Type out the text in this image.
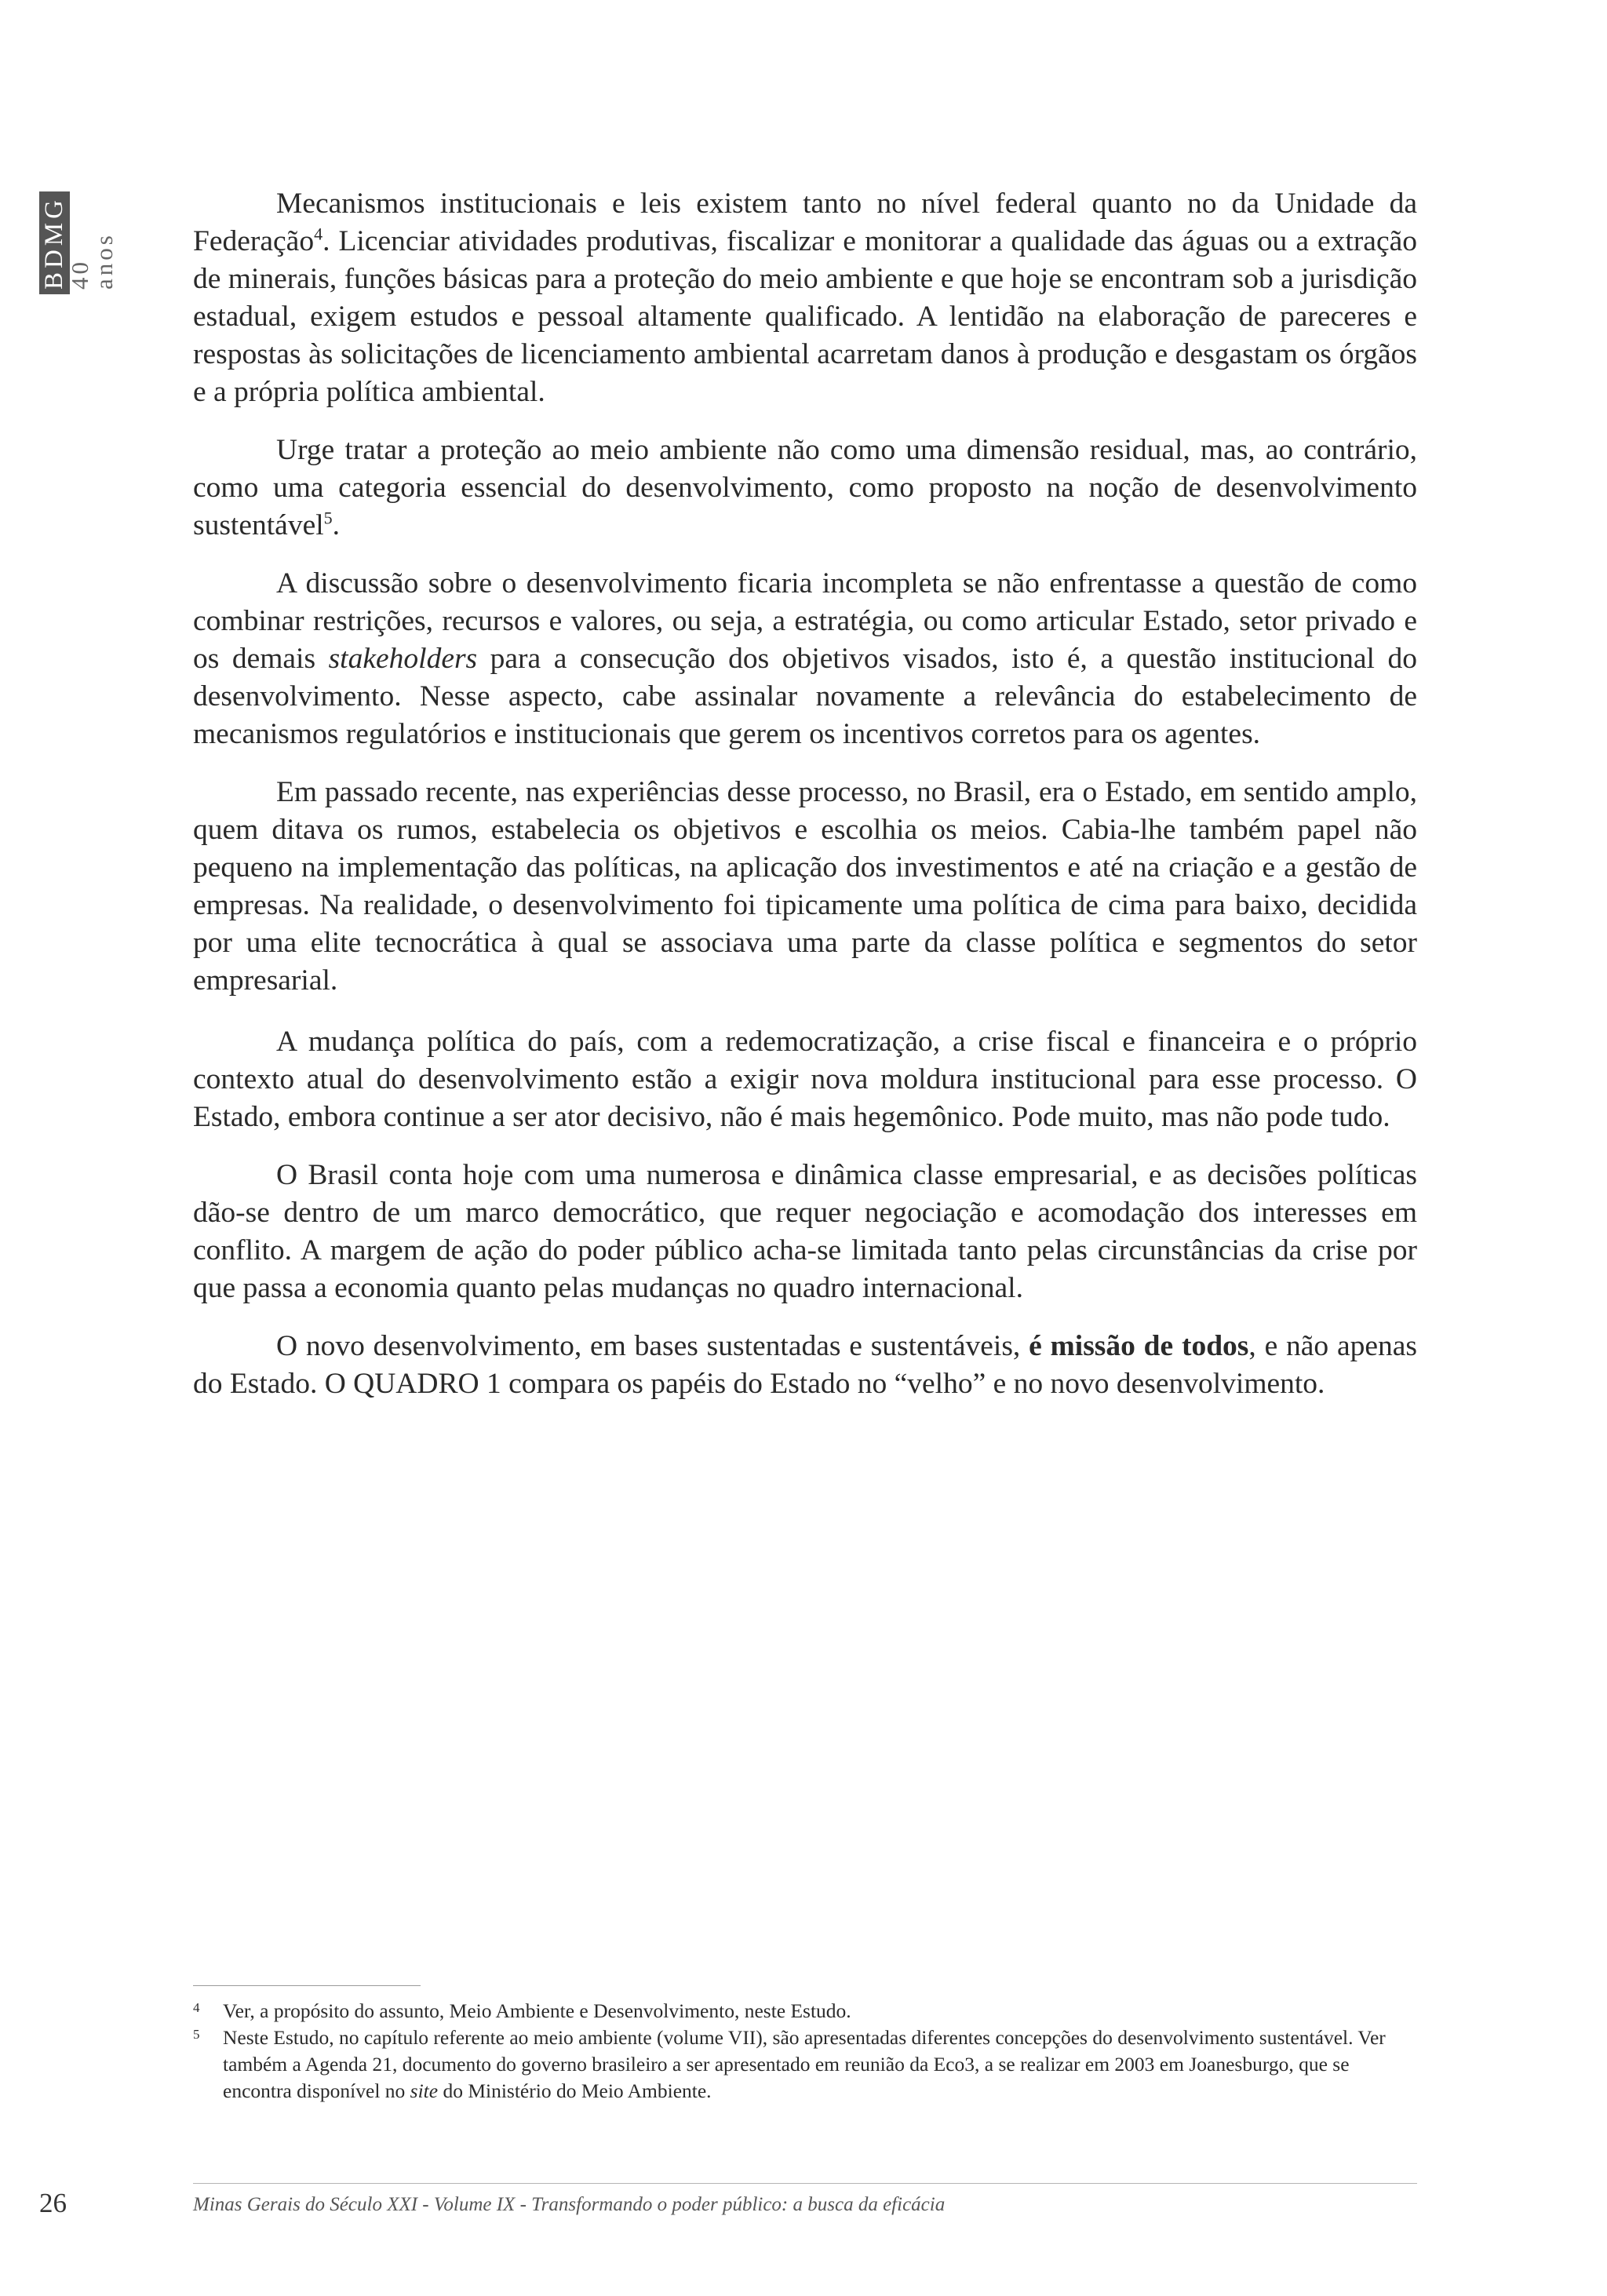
BDMG
40 anos

Mecanismos institucionais e leis existem tanto no nível federal quanto no da Unidade da Federação$^4$. Licenciar atividades produtivas, fiscalizar e monitorar a qualidade das águas ou a extração de minerais, funções básicas para a proteção do meio ambiente e que hoje se encontram sob a jurisdição estadual, exigem estudos e pessoal altamente qualificado. A lentidão na elaboração de pareceres e respostas às solicitações de licenciamento ambiental acarretam danos à produção e desgastam os órgãos e a própria política ambiental.

Urge tratar a proteção ao meio ambiente não como uma dimensão residual, mas, ao contrário, como uma categoria essencial do desenvolvimento, como proposto na noção de desenvolvimento sustentável$^5$.

A discussão sobre o desenvolvimento ficaria incompleta se não enfrentasse a questão de como combinar restrições, recursos e valores, ou seja, a estratégia, ou como articular Estado, setor privado e os demais stakeholders para a consecução dos objetivos visados, isto é, a questão institucional do desenvolvimento. Nesse aspecto, cabe assinalar novamente a relevância do estabelecimento de mecanismos regulatórios e institucionais que gerem os incentivos corretos para os agentes.

Em passado recente, nas experiências desse processo, no Brasil, era o Estado, em sentido amplo, quem ditava os rumos, estabelecia os objetivos e escolhia os meios. Cabia-lhe também papel não pequeno na implementação das políticas, na aplicação dos investimentos e até na criação e a gestão de empresas. Na realidade, o desenvolvimento foi tipicamente uma política de cima para baixo, decidida por uma elite tecnocrática à qual se associava uma parte da classe política e segmentos do setor empresarial.

A mudança política do país, com a redemocratização, a crise fiscal e financeira e o próprio contexto atual do desenvolvimento estão a exigir nova moldura institucional para esse processo. O Estado, embora continue a ser ator decisivo, não é mais hegemônico. Pode muito, mas não pode tudo.

O Brasil conta hoje com uma numerosa e dinâmica classe empresarial, e as decisões políticas dão-se dentro de um marco democrático, que requer negociação e acomodação dos interesses em conflito. A margem de ação do poder público acha-se limitada tanto pelas circunstâncias da crise por que passa a economia quanto pelas mudanças no quadro internacional.

O novo desenvolvimento, em bases sustentadas e sustentáveis, é missão de todos, e não apenas do Estado. O QUADRO 1 compara os papéis do Estado no “velho” e no novo desenvolvimento.

4	Ver, a propósito do assunto, Meio Ambiente e Desenvolvimento, neste Estudo.
5	Neste Estudo, no capítulo referente ao meio ambiente (volume VII), são apresentadas diferentes concepções do desenvolvimento sustentável. Ver também a Agenda 21, documento do governo brasileiro a ser apresentado em reunião da Eco3, a se realizar em 2003 em Joanesburgo, que se encontra disponível no site do Ministério do Meio Ambiente.
26	Minas Gerais do Século XXI - Volume IX - Transformando o poder público: a busca da eficácia
